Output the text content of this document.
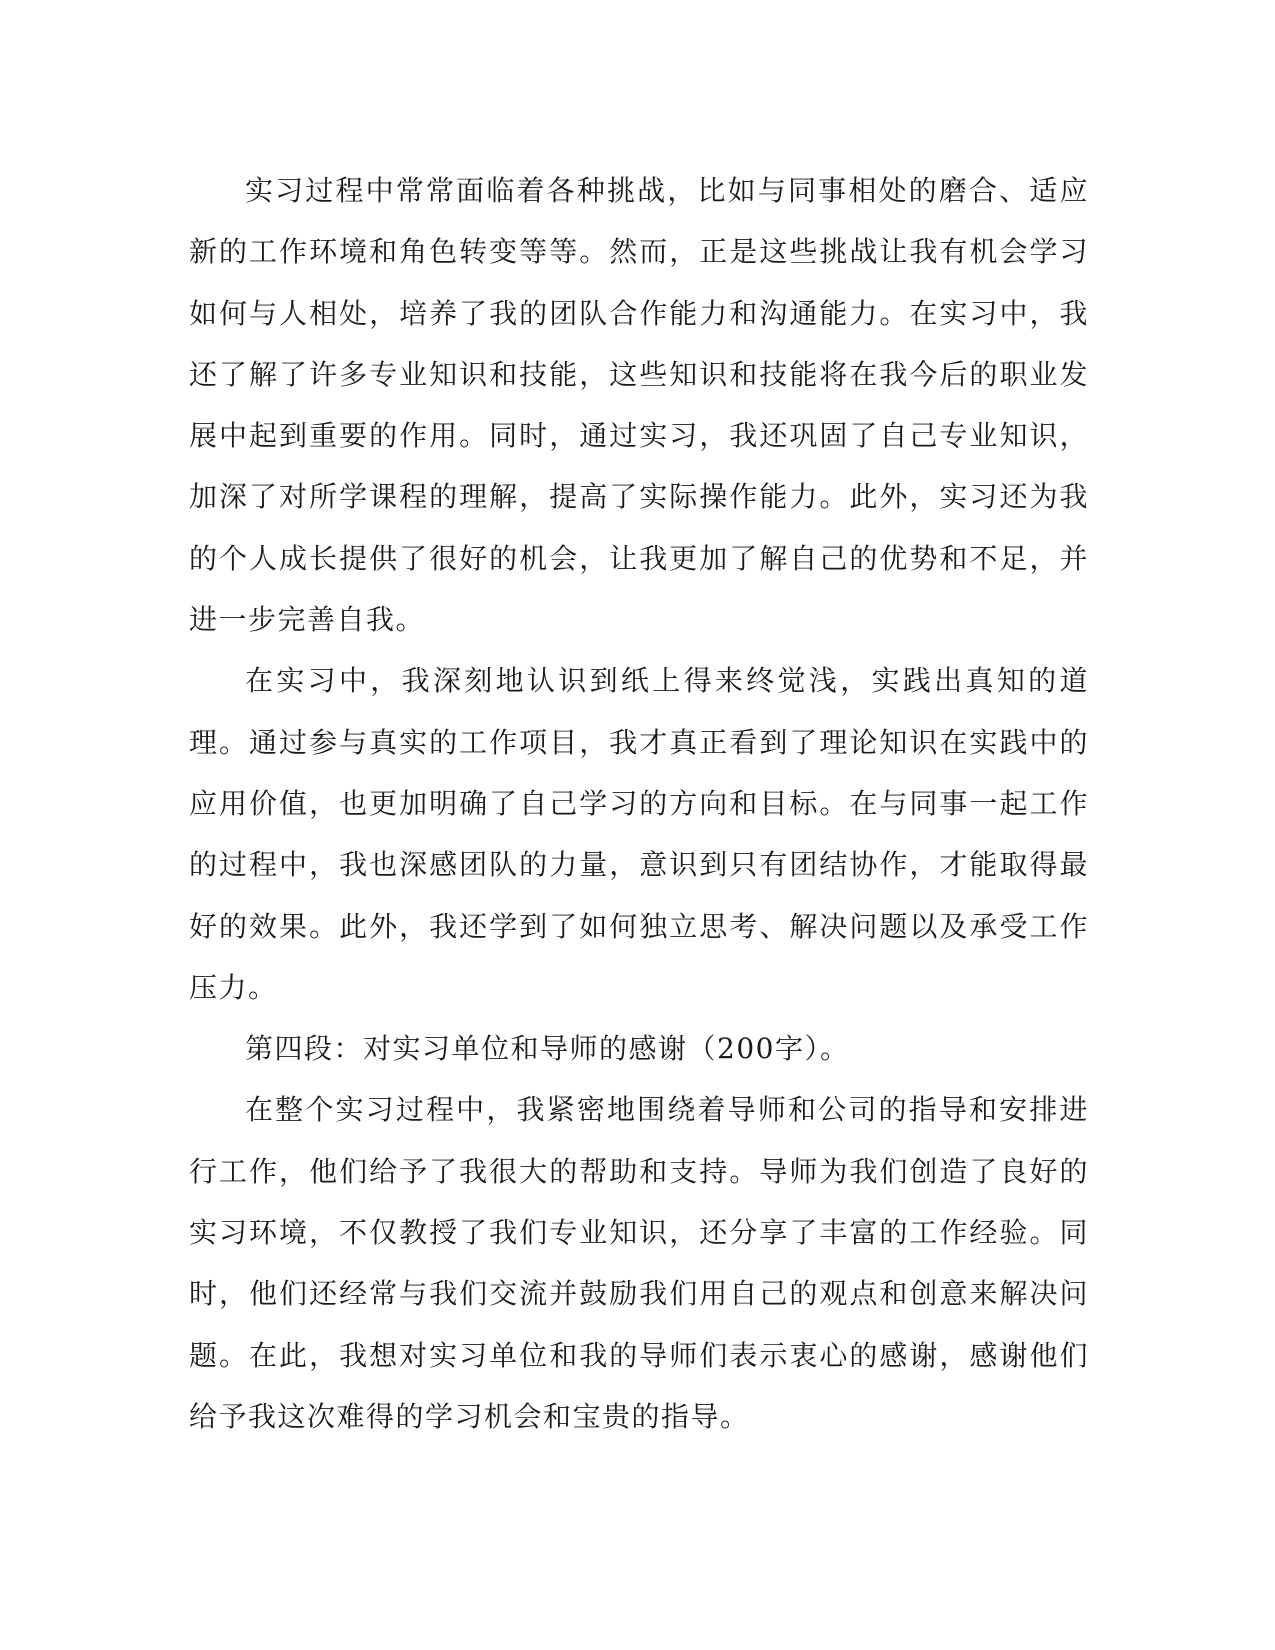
实习过程中常常面临着各种挑战，比如与同事相处的磨合、适应新的工作环境和角色转变等等。然而，正是这些挑战让我有机会学习如何与人相处，培养了我的团队合作能力和沟通能力。在实习中，我还了解了许多专业知识和技能，这些知识和技能将在我今后的职业发展中起到重要的作用。同时，通过实习，我还巩固了自己专业知识，加深了对所学课程的理解，提高了实际操作能力。此外，实习还为我的个人成长提供了很好的机会，让我更加了解自己的优势和不足，并进一步完善自我。

在实习中，我深刻地认识到纸上得来终觉浅，实践出真知的道理。通过参与真实的工作项目，我才真正看到了理论知识在实践中的应用价值，也更加明确了自己学习的方向和目标。在与同事一起工作的过程中，我也深感团队的力量，意识到只有团结协作，才能取得最好的效果。此外，我还学到了如何独立思考、解决问题以及承受工作压力。

第四段：对实习单位和导师的感谢（200字）。

在整个实习过程中，我紧密地围绕着导师和公司的指导和安排进行工作，他们给予了我很大的帮助和支持。导师为我们创造了良好的实习环境，不仅教授了我们专业知识，还分享了丰富的工作经验。同时，他们还经常与我们交流并鼓励我们用自己的观点和创意来解决问题。在此，我想对实习单位和我的导师们表示衷心的感谢，感谢他们给予我这次难得的学习机会和宝贵的指导。
